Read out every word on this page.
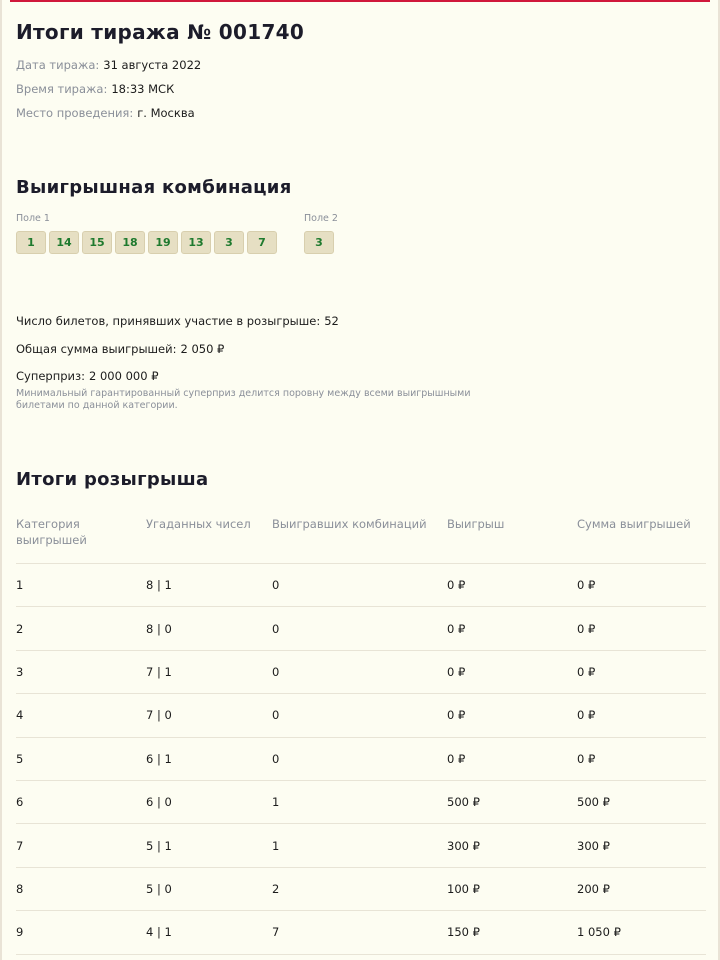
Итоги тиража № 001740
Дата тиража: 31 августа 2022
Время тиража: 18:33 МСК
Место проведения: г. Москва
Выигрышная комбинация
Поле 1
1	14	15	18	19	13	3	7
Поле 2
3
Число билетов, принявших участие в розыгрыше: 52
Общая сумма выигрышей: 2 050 ₽
Суперприз: 2 000 000 ₽
Минимальный гарантированный суперприз делится поровну между всеми выигрышными билетами по данной категории.
Итоги розыгрыша
Категория выигрышей
Угаданных чисел	Выигравших комбинаций	Выигрыш	Сумма выигрышей
1	8 | 1	0	0 ₽	0 ₽
2	8 | 0	0	0 ₽	0 ₽
3	7 | 1	0	0 ₽	0 ₽
4	7 | 0	0	0 ₽	0 ₽
5	6 | 1	0	0 ₽	0 ₽
6	6 | 0	1	500 ₽	500 ₽
7	5 | 1	1	300 ₽	300 ₽
8	5 | 0	2	100 ₽	200 ₽
9	4 | 1	7	150 ₽	1 050 ₽
